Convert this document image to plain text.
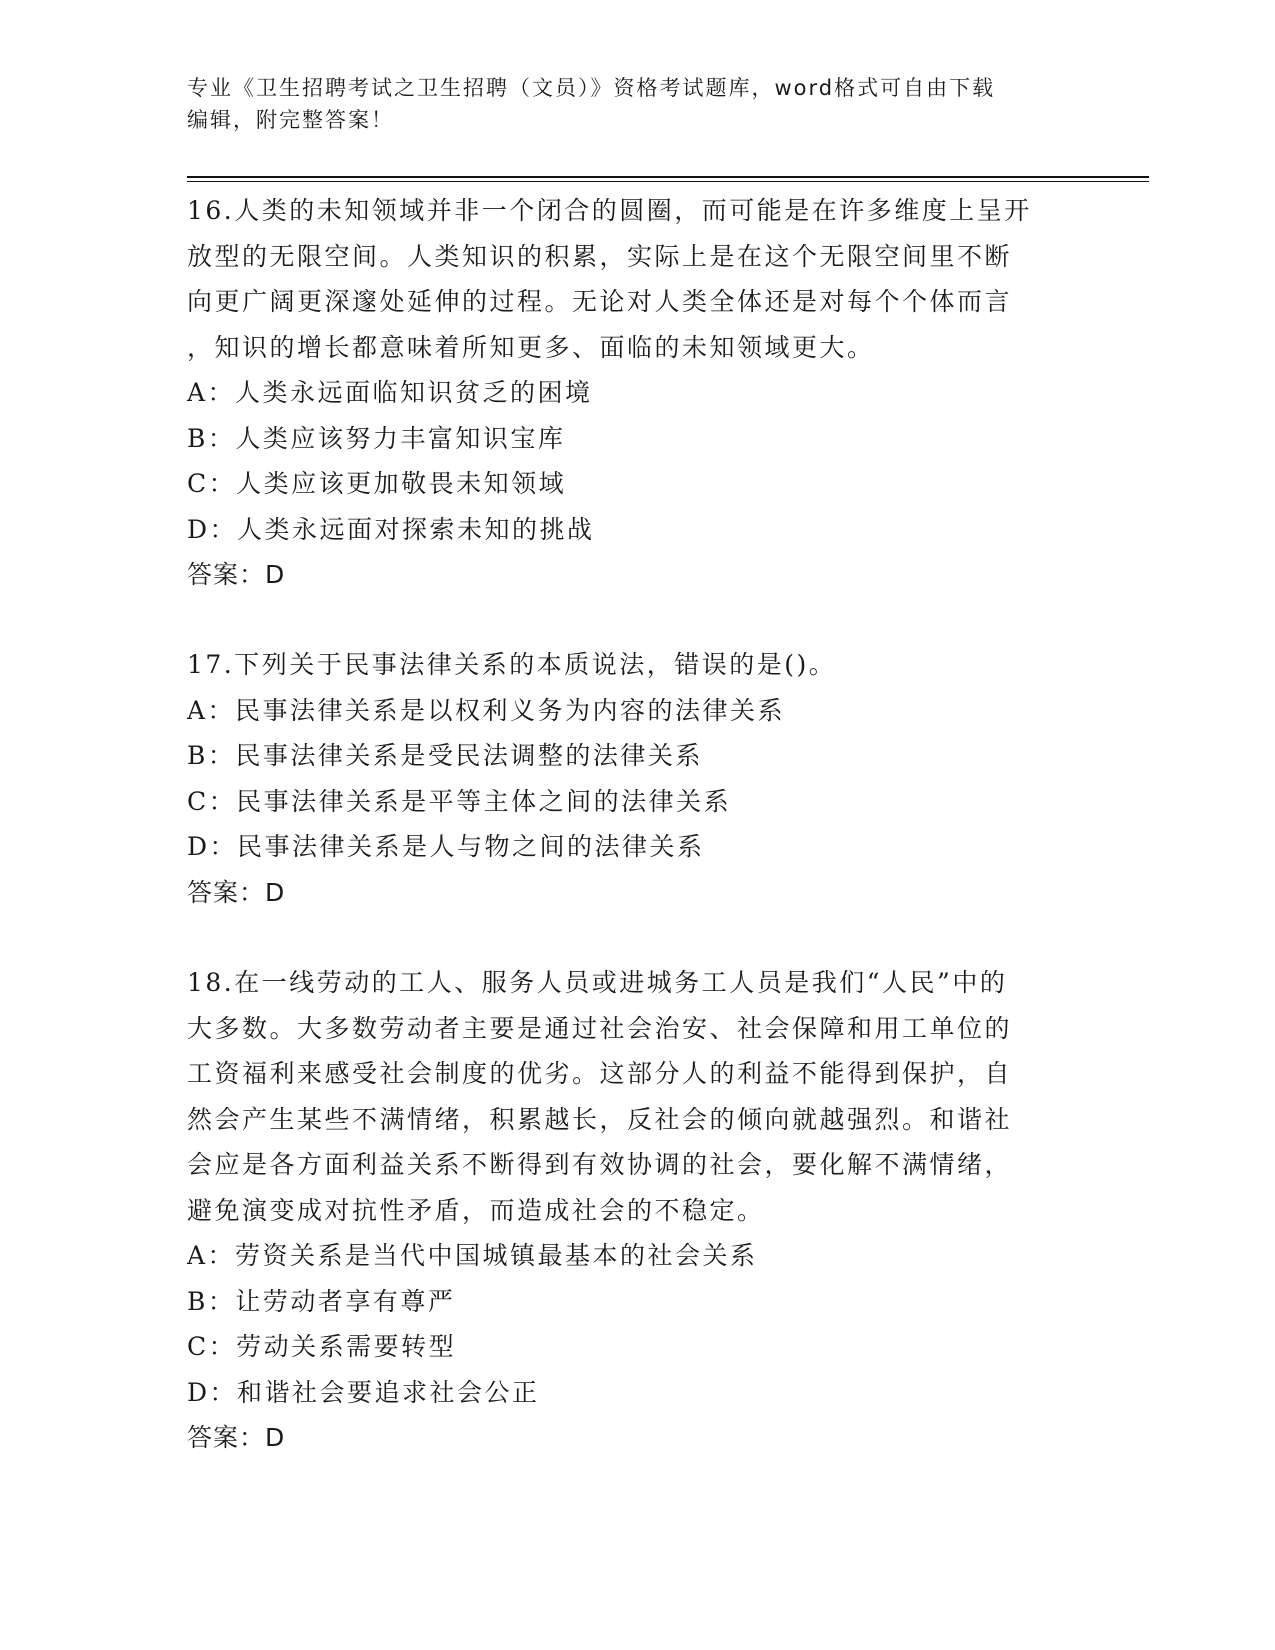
专业《卫生招聘考试之卫生招聘（文员）》资格考试题库，word格式可自由下载
编辑，附完整答案！
16.人类的未知领域并非一个闭合的圆圈，而可能是在许多维度上呈开
放型的无限空间。人类知识的积累，实际上是在这个无限空间里不断
向更广阔更深邃处延伸的过程。无论对人类全体还是对每个个体而言
，知识的增长都意味着所知更多、面临的未知领域更大。
A：人类永远面临知识贫乏的困境
B：人类应该努力丰富知识宝库
C：人类应该更加敬畏未知领域
D：人类永远面对探索未知的挑战
答案：D
17.下列关于民事法律关系的本质说法，错误的是()。
A：民事法律关系是以权利义务为内容的法律关系
B：民事法律关系是受民法调整的法律关系
C：民事法律关系是平等主体之间的法律关系
D：民事法律关系是人与物之间的法律关系
答案：D
18.在一线劳动的工人、服务人员或进城务工人员是我们“人民”中的
大多数。大多数劳动者主要是通过社会治安、社会保障和用工单位的
工资福利来感受社会制度的优劣。这部分人的利益不能得到保护，自
然会产生某些不满情绪，积累越长，反社会的倾向就越强烈。和谐社
会应是各方面利益关系不断得到有效协调的社会，要化解不满情绪，
避免演变成对抗性矛盾，而造成社会的不稳定。
A：劳资关系是当代中国城镇最基本的社会关系
B：让劳动者享有尊严
C：劳动关系需要转型
D：和谐社会要追求社会公正
答案：D
